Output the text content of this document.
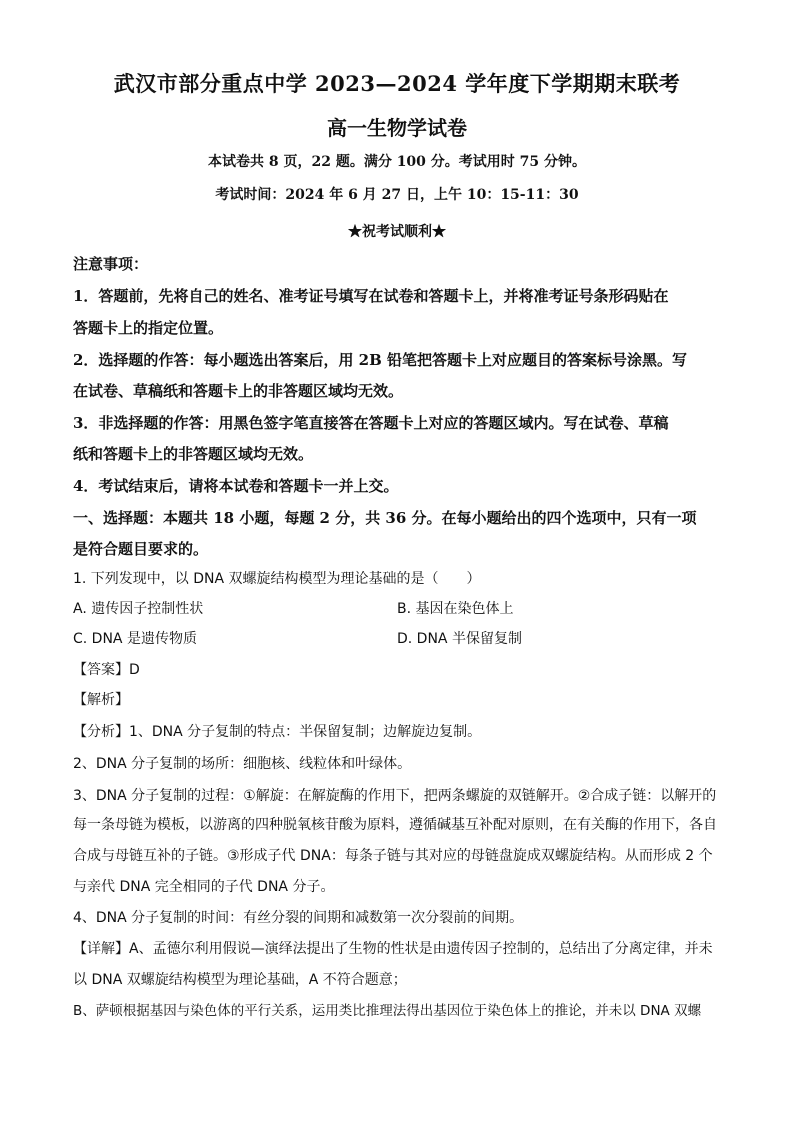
武汉市部分重点中学 2023—2024 学年度下学期期末联考
高一生物学试卷
本试卷共 8 页，22 题。满分 100 分。考试用时 75 分钟。
考试时间：2024 年 6 月 27 日，上午 10：15-11：30
★祝考试顺利★
注意事项：
1．答题前，先将自己的姓名、准考证号填写在试卷和答题卡上，并将准考证号条形码贴在
答题卡上的指定位置。
2．选择题的作答：每小题选出答案后，用 2B 铅笔把答题卡上对应题目的答案标号涂黑。写
在试卷、草稿纸和答题卡上的非答题区域均无效。
3．非选择题的作答：用黑色签字笔直接答在答题卡上对应的答题区域内。写在试卷、草稿
纸和答题卡上的非答题区域均无效。
4．考试结束后，请将本试卷和答题卡一并上交。
一、选择题：本题共 18 小题，每题 2 分，共 36 分。在每小题给出的四个选项中，只有一项
是符合题目要求的。
1. 下列发现中，以 DNA 双螺旋结构模型为理论基础的是（　　）
A. 遗传因子控制性状	B. 基因在染色体上
C. DNA 是遗传物质	D. DNA 半保留复制
【答案】D
【解析】
【分析】1、DNA 分子复制的特点：半保留复制；边解旋边复制。
2、DNA 分子复制的场所：细胞核、线粒体和叶绿体。
3、DNA 分子复制的过程：①解旋：在解旋酶的作用下，把两条螺旋的双链解开。②合成子链：以解开的
每一条母链为模板，以游离的四种脱氧核苷酸为原料，遵循碱基互补配对原则，在有关酶的作用下，各自
合成与母链互补的子链。③形成子代 DNA：每条子链与其对应的母链盘旋成双螺旋结构。从而形成 2 个
与亲代 DNA 完全相同的子代 DNA 分子。
4、DNA 分子复制的时间：有丝分裂的间期和减数第一次分裂前的间期。
【详解】A、孟德尔利用假说—演绎法提出了生物的性状是由遗传因子控制的，总结出了分离定律，并未
以 DNA 双螺旋结构模型为理论基础，A 不符合题意；
B、萨顿根据基因与染色体的平行关系，运用类比推理法得出基因位于染色体上的推论，并未以 DNA 双螺
